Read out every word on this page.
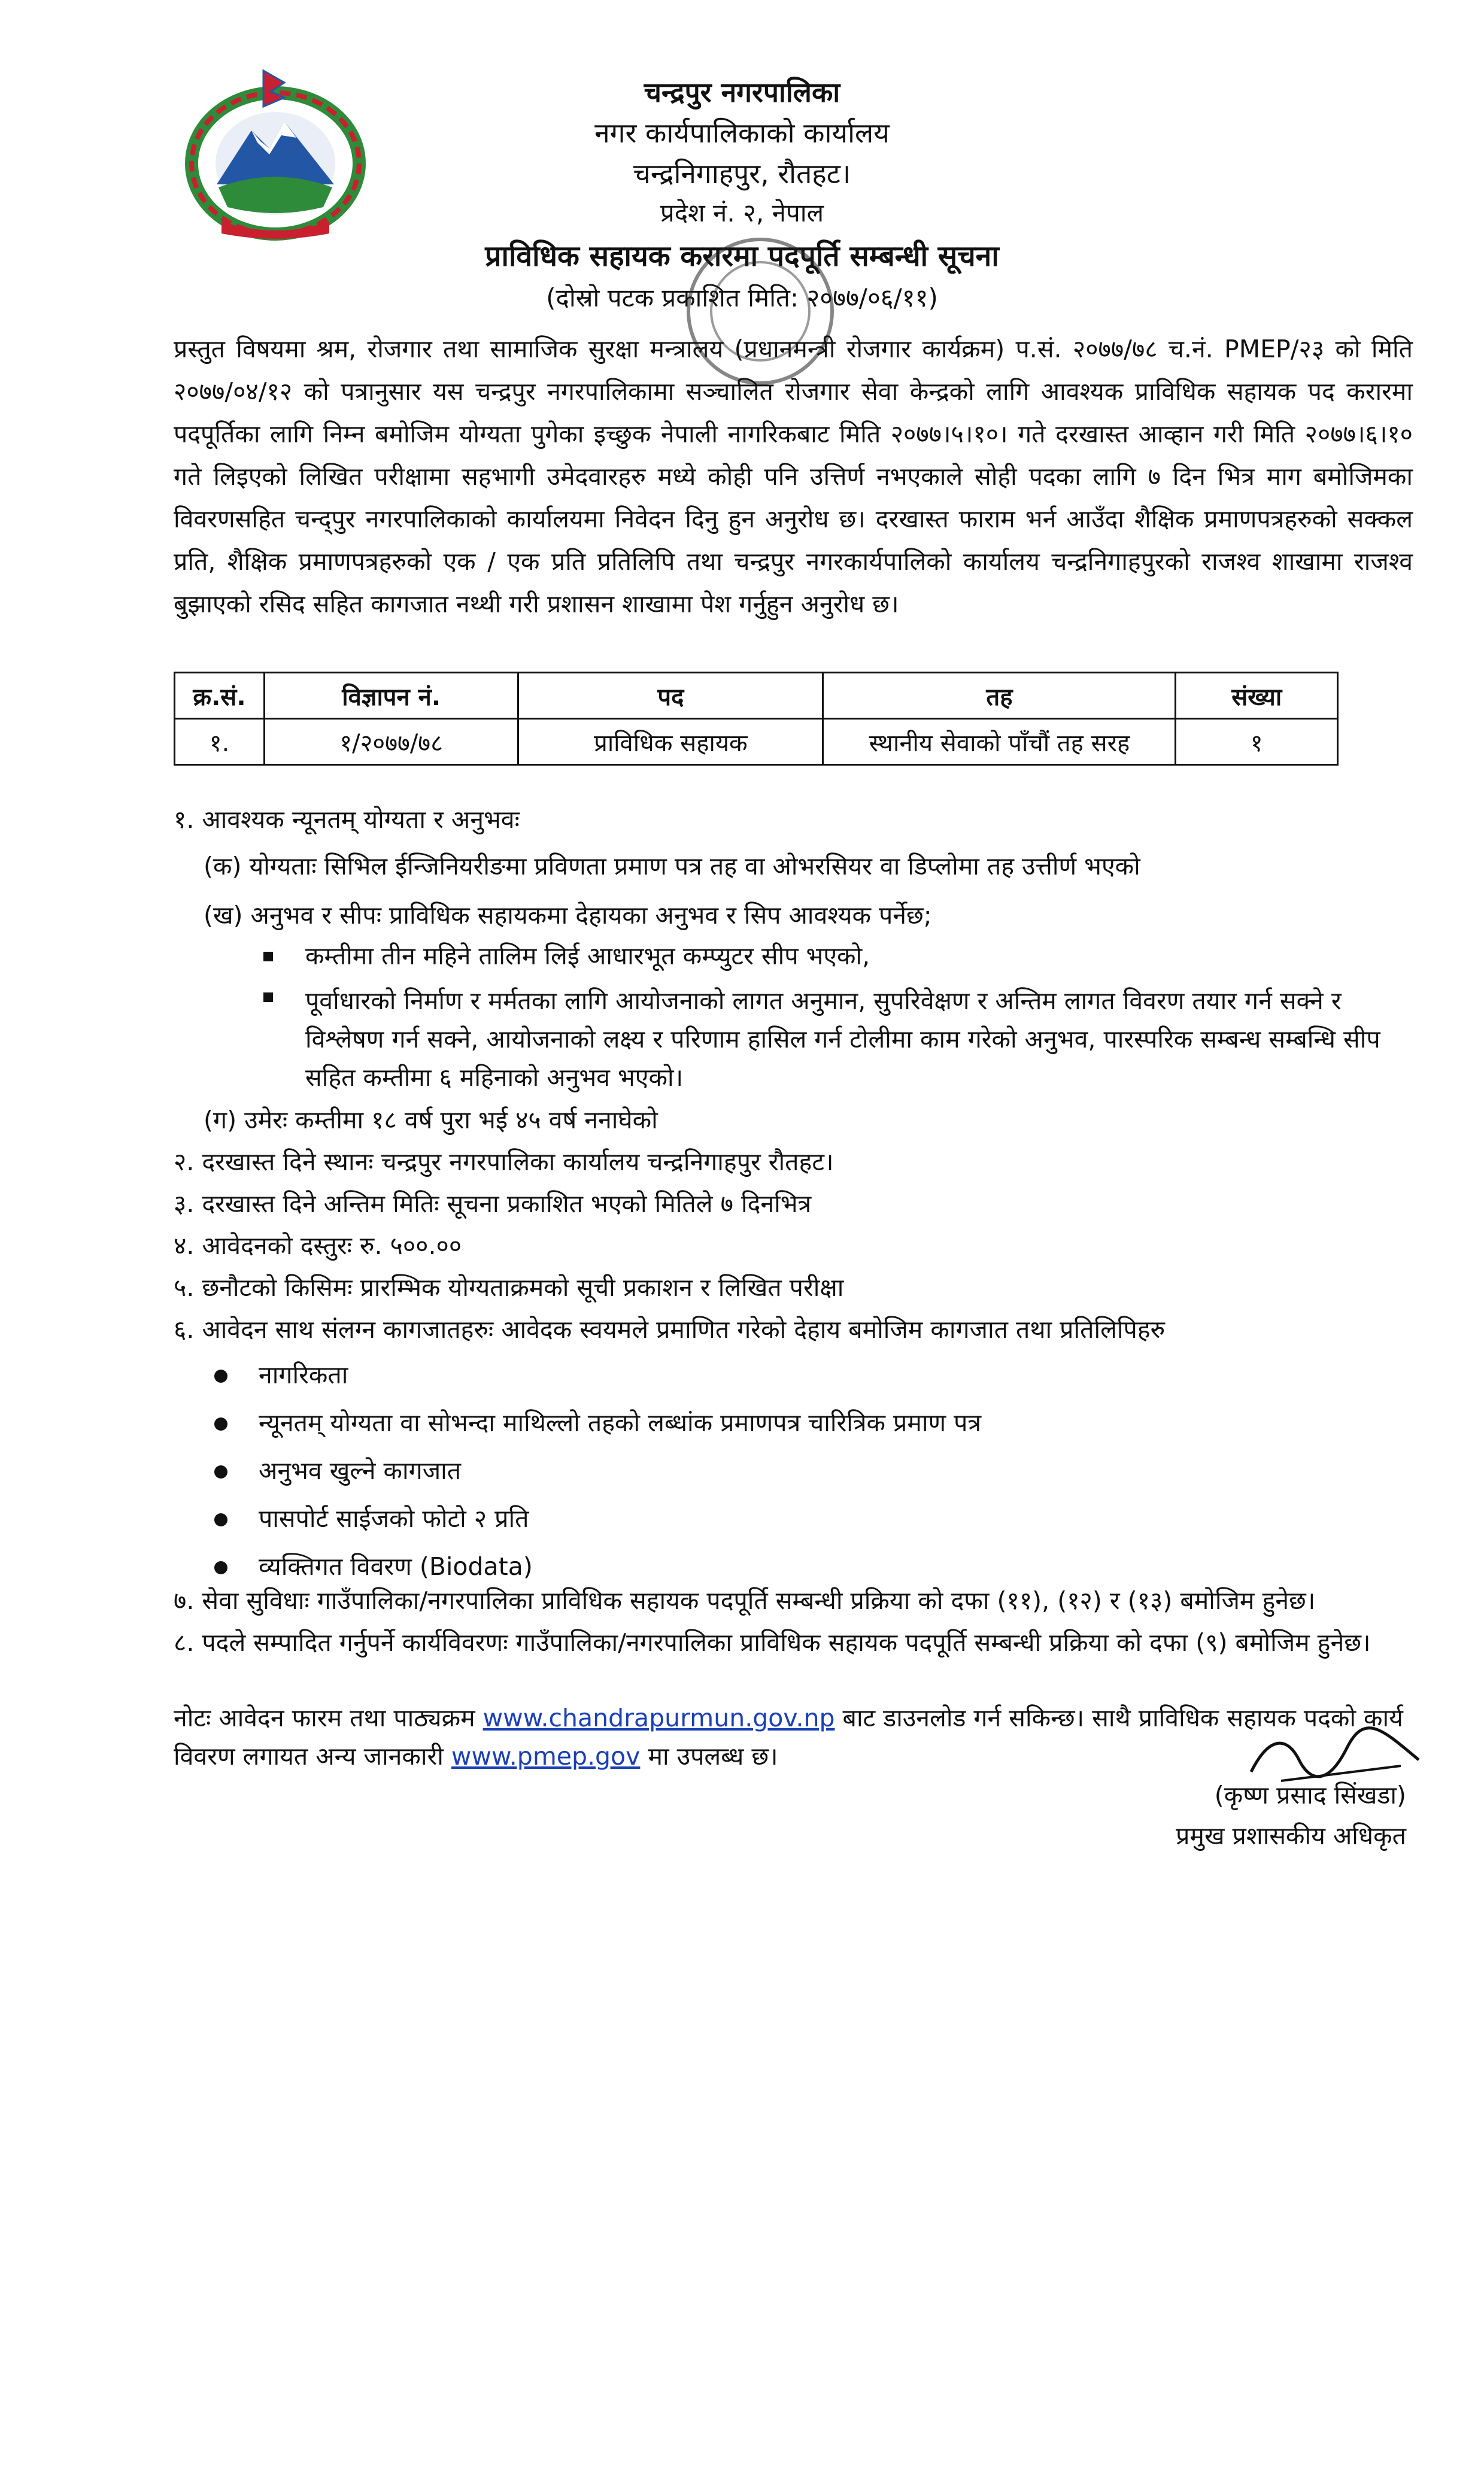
चन्द्रपुर नगरपालिका
नगर कार्यपालिकाको कार्यालय
चन्द्रनिगाहपुर, रौतहट।
प्रदेश नं. २, नेपाल
प्राविधिक सहायक करारमा पदपूर्ति सम्बन्धी सूचना
(दोस्रो पटक प्रकाशित मिति: २०७७/०६/११)
प्रस्तुत विषयमा श्रम, रोजगार तथा सामाजिक सुरक्षा मन्त्रालय (प्रधानमन्त्री रोजगार कार्यक्रम) प.सं. २०७७/७८ च.नं. PMEP/२३ को मिति २०७७/०४/१२ को पत्रानुसार यस चन्द्रपुर नगरपालिकामा सञ्चालित रोजगार सेवा केन्द्रको लागि आवश्यक प्राविधिक सहायक पद करारमा पदपूर्तिका लागि निम्न बमोजिम योग्यता पुगेका इच्छुक नेपाली नागरिकबाट मिति २०७७।५।१०। गते दरखास्त आव्हान गरी मिति २०७७।६।१० गते लिइएको लिखित परीक्षामा सहभागी उमेदवारहरु मध्ये कोही पनि उत्तिर्ण नभएकाले सोही पदका लागि ७ दिन भित्र माग बमोजिमका विवरणसहित चन्द्पुर नगरपालिकाको कार्यालयमा निवेदन दिनु हुन अनुरोध छ। दरखास्त फाराम भर्न आउँदा शैक्षिक प्रमाणपत्रहरुको सक्कल प्रति, शैक्षिक प्रमाणपत्रहरुको एक / एक प्रति प्रतिलिपि तथा चन्द्रपुर नगरकार्यपालिको कार्यालय चन्द्रनिगाहपुरको राजश्व शाखामा राजश्व बुझाएको रसिद सहित कागजात नथ्थी गरी प्रशासन शाखामा पेश गर्नुहुन अनुरोध छ।
क्र.सं.	विज्ञापन नं.	पद	तह	संख्या
१.	१/२०७७/७८	प्राविधिक सहायक	स्थानीय सेवाको पाँचौं तह सरह	१
१. आवश्यक न्यूनतम् योग्यता र अनुभवः
(क) योग्यताः सिभिल ईन्जिनियरीङमा प्रविणता प्रमाण पत्र तह वा ओभरसियर वा डिप्लोमा तह उत्तीर्ण भएको
(ख) अनुभव र सीपः प्राविधिक सहायकमा देहायका अनुभव र सिप आवश्यक पर्नेछ;
कम्तीमा तीन महिने तालिम लिई आधारभूत कम्प्युटर सीप भएको,
पूर्वाधारको निर्माण र मर्मतका लागि आयोजनाको लागत अनुमान, सुपरिवेक्षण र अन्तिम लागत विवरण तयार गर्न सक्ने र विश्लेषण गर्न सक्ने, आयोजनाको लक्ष्य र परिणाम हासिल गर्न टोलीमा काम गरेको अनुभव, पारस्परिक सम्बन्ध सम्बन्धि सीप सहित कम्तीमा ६ महिनाको अनुभव भएको।
(ग) उमेरः कम्तीमा १८ वर्ष पुरा भई ४५ वर्ष ननाघेको
२. दरखास्त दिने स्थानः चन्द्रपुर नगरपालिका कार्यालय चन्द्रनिगाहपुर रौतहट।
३. दरखास्त दिने अन्तिम मितिः सूचना प्रकाशित भएको मितिले ७ दिनभित्र
४. आवेदनको दस्तुरः रु. ५००.००
५. छनौटको किसिमः प्रारम्भिक योग्यताक्रमको सूची प्रकाशन र लिखित परीक्षा
६. आवेदन साथ संलग्न कागजातहरुः आवेदक स्वयमले प्रमाणित गरेको देहाय बमोजिम कागजात तथा प्रतिलिपिहरु
नागरिकता
न्यूनतम् योग्यता वा सोभन्दा माथिल्लो तहको लब्धांक प्रमाणपत्र चारित्रिक प्रमाण पत्र
अनुभव खुल्ने कागजात
पासपोर्ट साईजको फोटो २ प्रति
व्यक्तिगत विवरण (Biodata)
७. सेवा सुविधाः गाउँपालिका/नगरपालिका प्राविधिक सहायक पदपूर्ति सम्बन्धी प्रक्रिया को दफा (११), (१२) र (१३) बमोजिम हुनेछ।
८. पदले सम्पादित गर्नुपर्ने कार्यविवरणः गाउँपालिका/नगरपालिका प्राविधिक सहायक पदपूर्ति सम्बन्धी प्रक्रिया को दफा (९) बमोजिम हुनेछ।
नोटः आवेदन फारम तथा पाठ्यक्रम www.chandrapurmun.gov.np बाट डाउनलोड गर्न सकिन्छ। साथै प्राविधिक सहायक पदको कार्य विवरण लगायत अन्य जानकारी www.pmep.gov मा उपलब्ध छ।
(कृष्ण प्रसाद सिंखडा)
प्रमुख प्रशासकीय अधिकृत
